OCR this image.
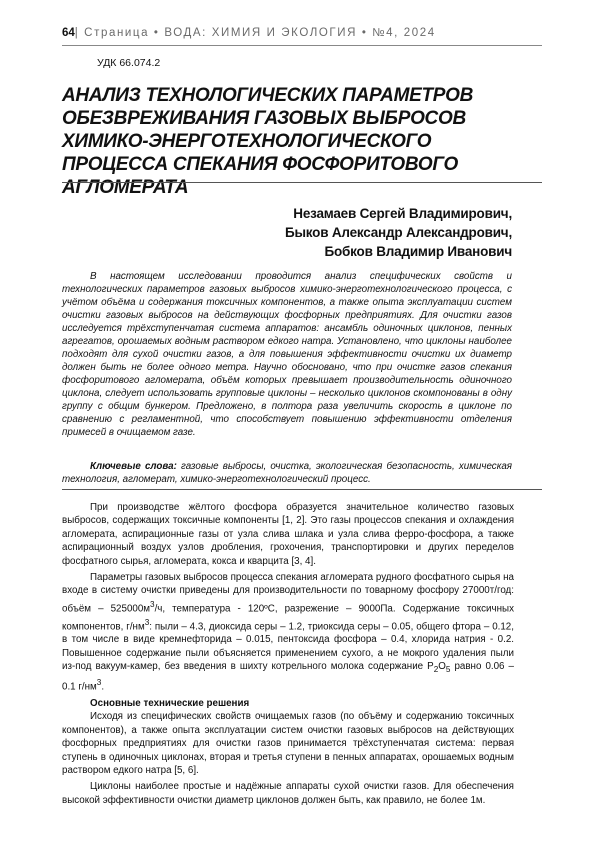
64| Страница • ВОДА: ХИМИЯ И ЭКОЛОГИЯ • №4, 2024
УДК 66.074.2
АНАЛИЗ ТЕХНОЛОГИЧЕСКИХ ПАРАМЕТРОВ ОБЕЗВРЕЖИВАНИЯ ГАЗОВЫХ ВЫБРОСОВ ХИМИКО-ЭНЕРГОТЕХНОЛОГИЧЕСКОГО ПРОЦЕССА СПЕКАНИЯ ФОСФОРИТОВОГО АГЛОМЕРАТА
Незамаев Сергей Владимирович,
Быков Александр Александрович,
Бобков Владимир Иванович

В настоящем исследовании проводится анализ специфических свойств и технологических параметров газовых выбросов химико-энерготехнологического процесса, с учётом объёма и содержания токсичных компонентов, а также опыта эксплуатации систем очистки газовых выбросов на действующих фосфорных предприятиях. Для очистки газов исследуется трёхступенчатая система аппаратов: ансамбль одиночных циклонов, пенных агрегатов, орошаемых водным раствором едкого натра. Установлено, что циклоны наиболее подходят для сухой очистки газов, а для повышения эффективности очистки их диаметр должен быть не более одного метра. Научно обосновано, что при очистке газов спекания фосфоритового агломерата, объём которых превышает производительность одиночного циклона, следует использовать групповые циклоны – несколько циклонов скомпонованы в одну группу с общим бункером. Предложено, в полтора раза увеличить скорость в циклоне по сравнению с регламентной, что способствует повышению эффективности отделения примесей в очищаемом газе.

Ключевые слова: газовые выбросы, очистка, экологическая безопасность, химическая технология, агломерат, химико-энерготехнологический процесс.

При производстве жёлтого фосфора образуется значительное количество газовых выбросов, содержащих токсичные компоненты [1, 2]. Это газы процессов спекания и охлаждения агломерата, аспирационные газы от узла слива шлака и узла слива ферро-фосфора, а также аспирационный воздух узлов дробления, грохочения, транспортировки и других переделов фосфатного сырья, агломерата, кокса и кварцита [3, 4].

Параметры газовых выбросов процесса спекания агломерата рудного фосфатного сырья на входе в систему очистки приведены для производительности по товарному фосфору 27000т/год: объём – $525000м^3/ч$, температура - 120ºС, разрежение – 9000Па. Содержание токсичных компонентов, $г/нм^3$: пыли – 4.3, диоксида серы – 1.2, триоксида серы – 0.05, общего фтора – 0.12, в том числе в виде кремнефторида – 0.015, пентоксида фосфора – 0.4, хлорида натрия - 0.2. Повышенное содержание пыли объясняется применением сухого, а не мокрого удаления пыли из-под вакуум-камер, без введения в шихту котрельного молока содержание $P_2O_5$ равно 0.06 – 0.1 $г/нм^3$.

Основные технические решения

Исходя из специфических свойств очищаемых газов (по объёму и содержанию токсичных компонентов), а также опыта эксплуатации систем очистки газовых выбросов на действующих фосфорных предприятиях для очистки газов принимается трёхступенчатая система: первая ступень в одиночных циклонах, вторая и третья ступени в пенных аппаратах, орошаемых водным раствором едкого натра [5, 6].

Циклоны наиболее простые и надёжные аппараты сухой очистки газов. Для обеспечения высокой эффективности очистки диаметр циклонов должен быть, как правило, не более 1м.
